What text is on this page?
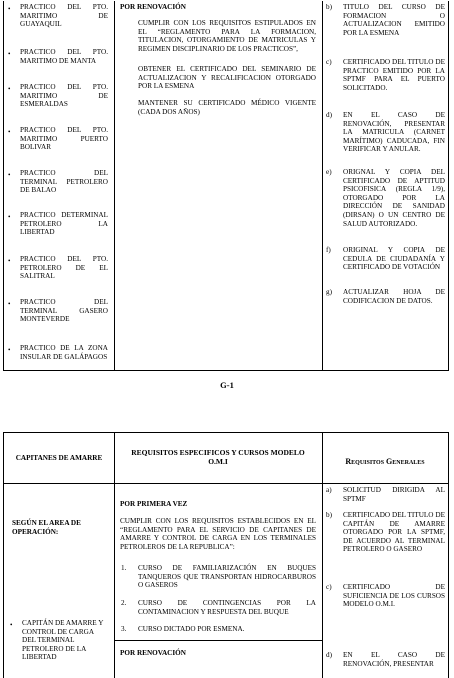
• PRACTICO DEL PTO. MARITIMO DE GUAYAQUIL
• PRACTICO DEL PTO. MARITIMO DE MANTA
• PRACTICO DEL PTO. MARITIMO DE ESMERALDAS
• PRACTICO DEL PTO. MARITIMO PUERTO BOLIVAR
• PRACTICO DEL TERMINAL PETROLERO DE BALAO
• PRACTICO DETERMINAL PETROLERO LA LIBERTAD
• PRACTICO DEL PTO. PETROLERO DE EL SALITRAL
• PRACTICO DEL TERMINAL GASERO MONTEVERDE
• PRACTICO DE LA ZONA INSULAR DE GALÁPAGOS
POR RENOVACIÓN
CUMPLIR CON LOS REQUISITOS ESTIPULADOS EN EL “REGLAMENTO PARA LA FORMACION, TITULACION, OTORGAMIENTO DE MATRICULAS Y REGIMEN DISCIPLINARIO DE LOS PRACTICOS”,
OBTENER EL CERTIFICADO DEL SEMINARIO DE ACTUALIZACION Y RECALIFICACION OTORGADO POR LA ESMENA
MANTENER SU CERTIFICADO MÉDICO VIGENTE (CADA DOS AÑOS)
b) TITULO DEL CURSO DE FORMACION O ACTUALIZACION EMITIDO POR LA ESMENA
c) CERTIFICADO DEL TITULO DE PRACTICO EMITIDO POR LA SPTMF PARA EL PUERTO SOLICITADO.
d) EN EL CASO DE RENOVACIÓN, PRESENTAR LA MATRICULA (CARNET MARÍTIMO) CADUCADA, FIN VERIFICAR Y ANULAR.
e) ORIGNAL Y COPIA DEL CERTIFICADO DE APTITUD PSICOFISICA (REGLA 1/9), OTORGADO POR LA DIRECCIÓN DE SANIDAD (DIRSAN) O UN CENTRO DE SALUD AUTORIZADO.
f) ORIGINAL Y COPIA DE CEDULA DE CIUDADANÍA Y CERTIFICADO DE VOTACIÓN
g) ACTUALIZAR HOJA DE CODIFICACION DE DATOS.
G-1
CAPITANES DE AMARRE
REQUISITOS ESPECIFICOS Y CURSOS MODELO O.M.I	Requisitos Generales
SEGÚN EL AREA DE OPERACIÓN:
• CAPITÁN DE AMARRE Y CONTROL DE CARGA DEL TERMINAL PETROLERO DE LA LIBERTAD
POR PRIMERA VEZ
CUMPLIR CON LOS REQUISITOS ESTABLECIDOS EN EL “REGLAMENTO PARA EL SERVICIO DE CAPITANES DE AMARRE Y CONTROL DE CARGA EN LOS TERMINALES PETROLEROS DE LA REPUBLICA”:
1. CURSO DE FAMILIARIZACIÓN EN BUQUES TANQUEROS QUE TRANSPORTAN HIDROCARBUROS O GASEROS
2. CURSO DE CONTINGENCIAS POR LA CONTAMINACION Y RESPUESTA DEL BUQUE
3. CURSO DICTADO POR ESMENA.
POR RENOVACIÓN
a) SOLICITUD DIRIGIDA AL SPTMF
b) CERTIFICADO DEL TITULO DE CAPITÁN DE AMARRE OTORGADO POR LA SPTMF, DE ACUERDO AL TERMINAL PETROLERO O GASERO
c) CERTIFICADO DE SUFICIENCIA DE LOS CURSOS MODELO O.M.I.
d) EN EL CASO DE RENOVACIÓN, PRESENTAR
